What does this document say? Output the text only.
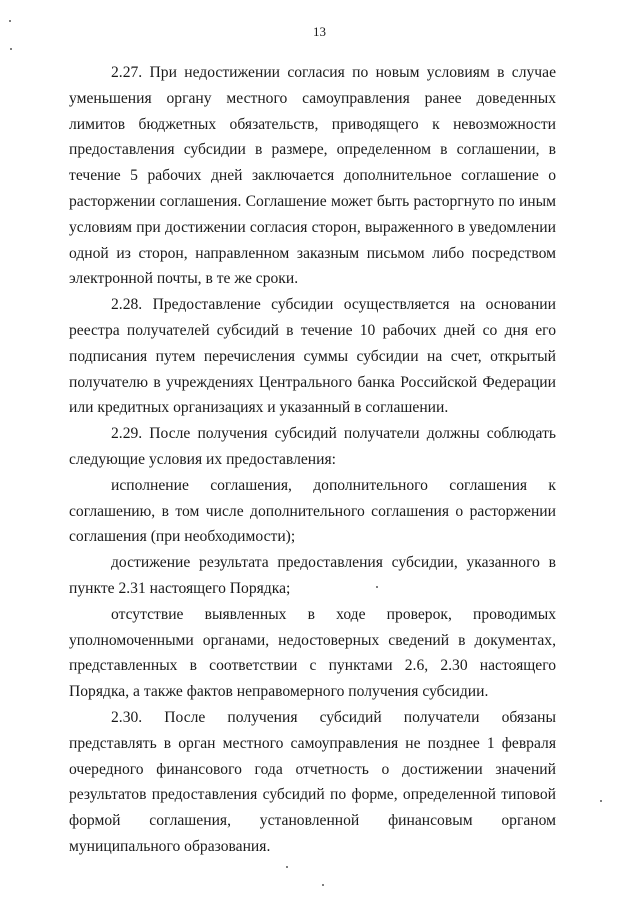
13

2.27. При недостижении согласия по новым условиям в случае уменьшения органу местного самоуправления ранее доведенных лимитов бюджетных обязательств, приводящего к невозможности предоставления субсидии в размере, определенном в соглашении, в течение 5 рабочих дней заключается дополнительное соглашение о расторжении соглашения. Соглашение может быть расторгнуто по иным условиям при достижении согласия сторон, выраженного в уведомлении одной из сторон, направленном заказным письмом либо посредством электронной почты, в те же сроки.

2.28. Предоставление субсидии осуществляется на основании реестра получателей субсидий в течение 10 рабочих дней со дня его подписания путем перечисления суммы субсидии на счет, открытый получателю в учреждениях Центрального банка Российской Федерации или кредитных организациях и указанный в соглашении.

2.29. После получения субсидий получатели должны соблюдать следующие условия их предоставления:

исполнение соглашения, дополнительного соглашения к соглашению, в том числе дополнительного соглашения о расторжении соглашения (при необходимости);

достижение результата предоставления субсидии, указанного в пункте 2.31 настоящего Порядка;

отсутствие выявленных в ходе проверок, проводимых уполномоченными органами, недостоверных сведений в документах, представленных в соответствии с пунктами 2.6, 2.30 настоящего Порядка, а также фактов неправомерного получения субсидии.

2.30. После получения субсидий получатели обязаны представлять в орган местного самоуправления не позднее 1 февраля очередного финансового года отчетность о достижении значений результатов предоставления субсидий по форме, определенной типовой формой соглашения, установленной финансовым органом муниципального образования.
